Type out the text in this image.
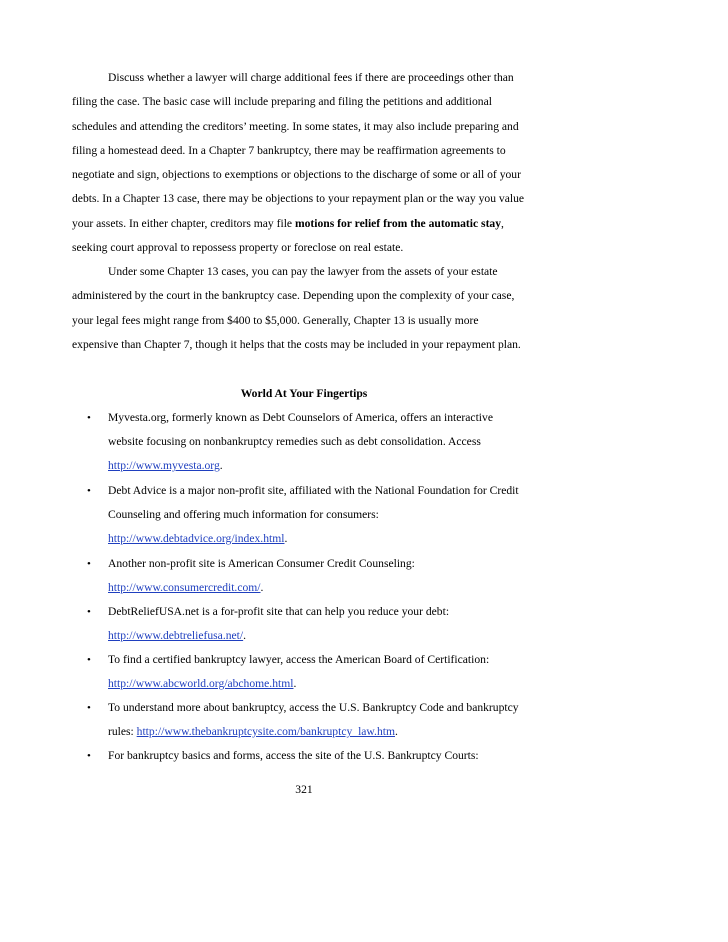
Discuss whether a lawyer will charge additional fees if there are proceedings other than
filing the case. The basic case will include preparing and filing the petitions and additional
schedules and attending the creditors’ meeting. In some states, it may also include preparing and
filing a homestead deed. In a Chapter 7 bankruptcy, there may be reaffirmation agreements to
negotiate and sign, objections to exemptions or objections to the discharge of some or all of your
debts. In a Chapter 13 case, there may be objections to your repayment plan or the way you value
your assets. In either chapter, creditors may file motions for relief from the automatic stay,
seeking court approval to repossess property or foreclose on real estate.
Under some Chapter 13 cases, you can pay the lawyer from the assets of your estate
administered by the court in the bankruptcy case. Depending upon the complexity of your case,
your legal fees might range from $400 to $5,000. Generally, Chapter 13 is usually more
expensive than Chapter 7, though it helps that the costs may be included in your repayment plan.
World At Your Fingertips
• Myvesta.org, formerly known as Debt Counselors of America, offers an interactive
website focusing on nonbankruptcy remedies such as debt consolidation. Access
http://www.myvesta.org.
• Debt Advice is a major non-profit site, affiliated with the National Foundation for Credit
Counseling and offering much information for consumers:
http://www.debtadvice.org/index.html.
• Another non-profit site is American Consumer Credit Counseling:
http://www.consumercredit.com/.
• DebtReliefUSA.net is a for-profit site that can help you reduce your debt:
http://www.debtreliefusa.net/.
• To find a certified bankruptcy lawyer, access the American Board of Certification:
http://www.abcworld.org/abchome.html.
• To understand more about bankruptcy, access the U.S. Bankruptcy Code and bankruptcy
rules: http://www.thebankruptcysite.com/bankruptcy_law.htm.
• For bankruptcy basics and forms, access the site of the U.S. Bankruptcy Courts:
321
